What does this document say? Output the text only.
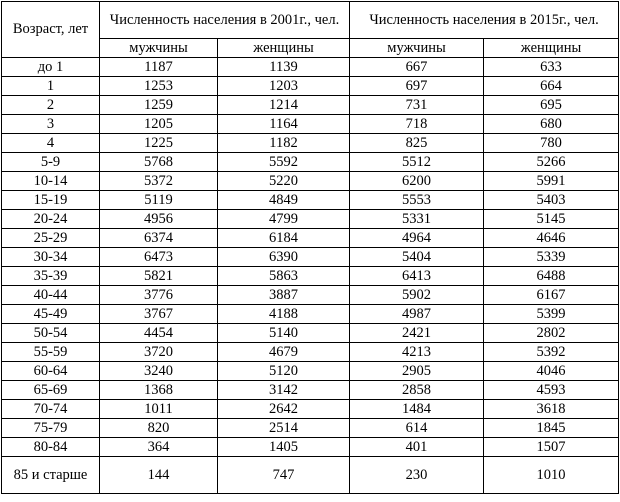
Возраст, лет	Численность населения в 2001г., чел.		Численность населения в 2015г., чел.	
	мужчины	женщины	мужчины	женщины
до 1	1187	1139	667	633
1	1253	1203	697	664
2	1259	1214	731	695
3	1205	1164	718	680
4	1225	1182	825	780
5-9	5768	5592	5512	5266
10-14	5372	5220	6200	5991
15-19	5119	4849	5553	5403
20-24	4956	4799	5331	5145
25-29	6374	6184	4964	4646
30-34	6473	6390	5404	5339
35-39	5821	5863	6413	6488
40-44	3776	3887	5902	6167
45-49	3767	4188	4987	5399
50-54	4454	5140	2421	2802
55-59	3720	4679	4213	5392
60-64	3240	5120	2905	4046
65-69	1368	3142	2858	4593
70-74	1011	2642	1484	3618
75-79	820	2514	614	1845
80-84	364	1405	401	1507
85 и старше	144	747	230	1010
